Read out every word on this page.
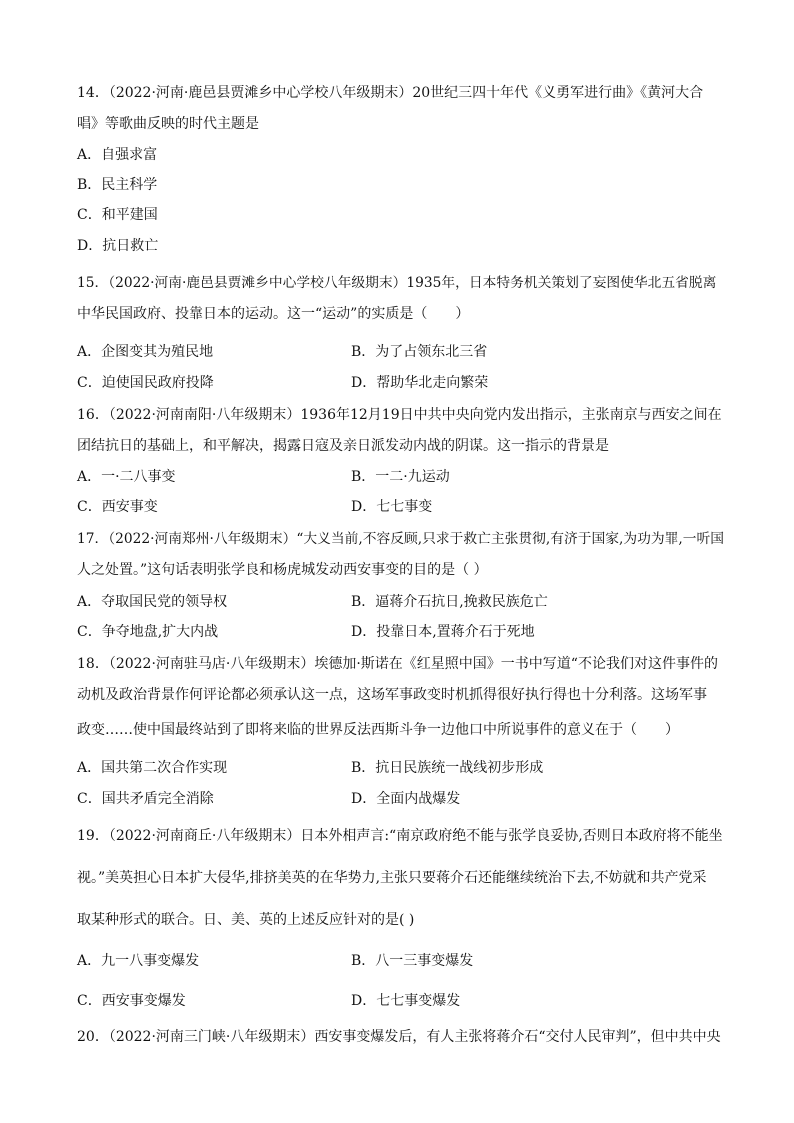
14．（2022·河南·鹿邑县贾滩乡中心学校八年级期末）20世纪三四十年代《义勇军进行曲》《黄河大合
唱》等歌曲反映的时代主题是
A．自强求富
B．民主科学
C．和平建国
D．抗日救亡
15．（2022·河南·鹿邑县贾滩乡中心学校八年级期末）1935年，日本特务机关策划了妄图使华北五省脱离
中华民国政府、投靠日本的运动。这一“运动”的实质是（　　）
A．企图变其为殖民地	B．为了占领东北三省
C．迫使国民政府投降	D．帮助华北走向繁荣
16．（2022·河南南阳·八年级期末）1936年12月19日中共中央向党内发出指示，主张南京与西安之间在
团结抗日的基础上，和平解决，揭露日寇及亲日派发动内战的阴谋。这一指示的背景是
A．一·二八事变	B．一二·九运动
C．西安事变	D．七七事变
17．（2022·河南郑州·八年级期末）“大义当前,不容反顾,只求于救亡主张贯彻,有济于国家,为功为罪,一听国
人之处置。”这句话表明张学良和杨虎城发动西安事变的目的是（ ）
A．夺取国民党的领导权	B．逼蒋介石抗日,挽救民族危亡
C．争夺地盘,扩大内战	D．投靠日本,置蒋介石于死地
18．（2022·河南驻马店·八年级期末）埃德加·斯诺在《红星照中国》一书中写道“不论我们对这件事件的
动机及政治背景作何评论都必须承认这一点，这场军事政变时机抓得很好执行得也十分利落。这场军事
政变……使中国最终站到了即将来临的世界反法西斯斗争一边他口中所说事件的意义在于（　　）
A．国共第二次合作实现	B．抗日民族统一战线初步形成
C．国共矛盾完全消除	D．全面内战爆发
19．（2022·河南商丘·八年级期末）日本外相声言:“南京政府绝不能与张学良妥协,否则日本政府将不能坐
视。”美英担心日本扩大侵华,排挤美英的在华势力,主张只要蒋介石还能继续统治下去,不妨就和共产党采
取某种形式的联合。日、美、英的上述反应针对的是( )
A．九一八事变爆发	B．八一三事变爆发
C．西安事变爆发	D．七七事变爆发
20．（2022·河南三门峡·八年级期末）西安事变爆发后，有人主张将蒋介石“交付人民审判”，但中共中央
